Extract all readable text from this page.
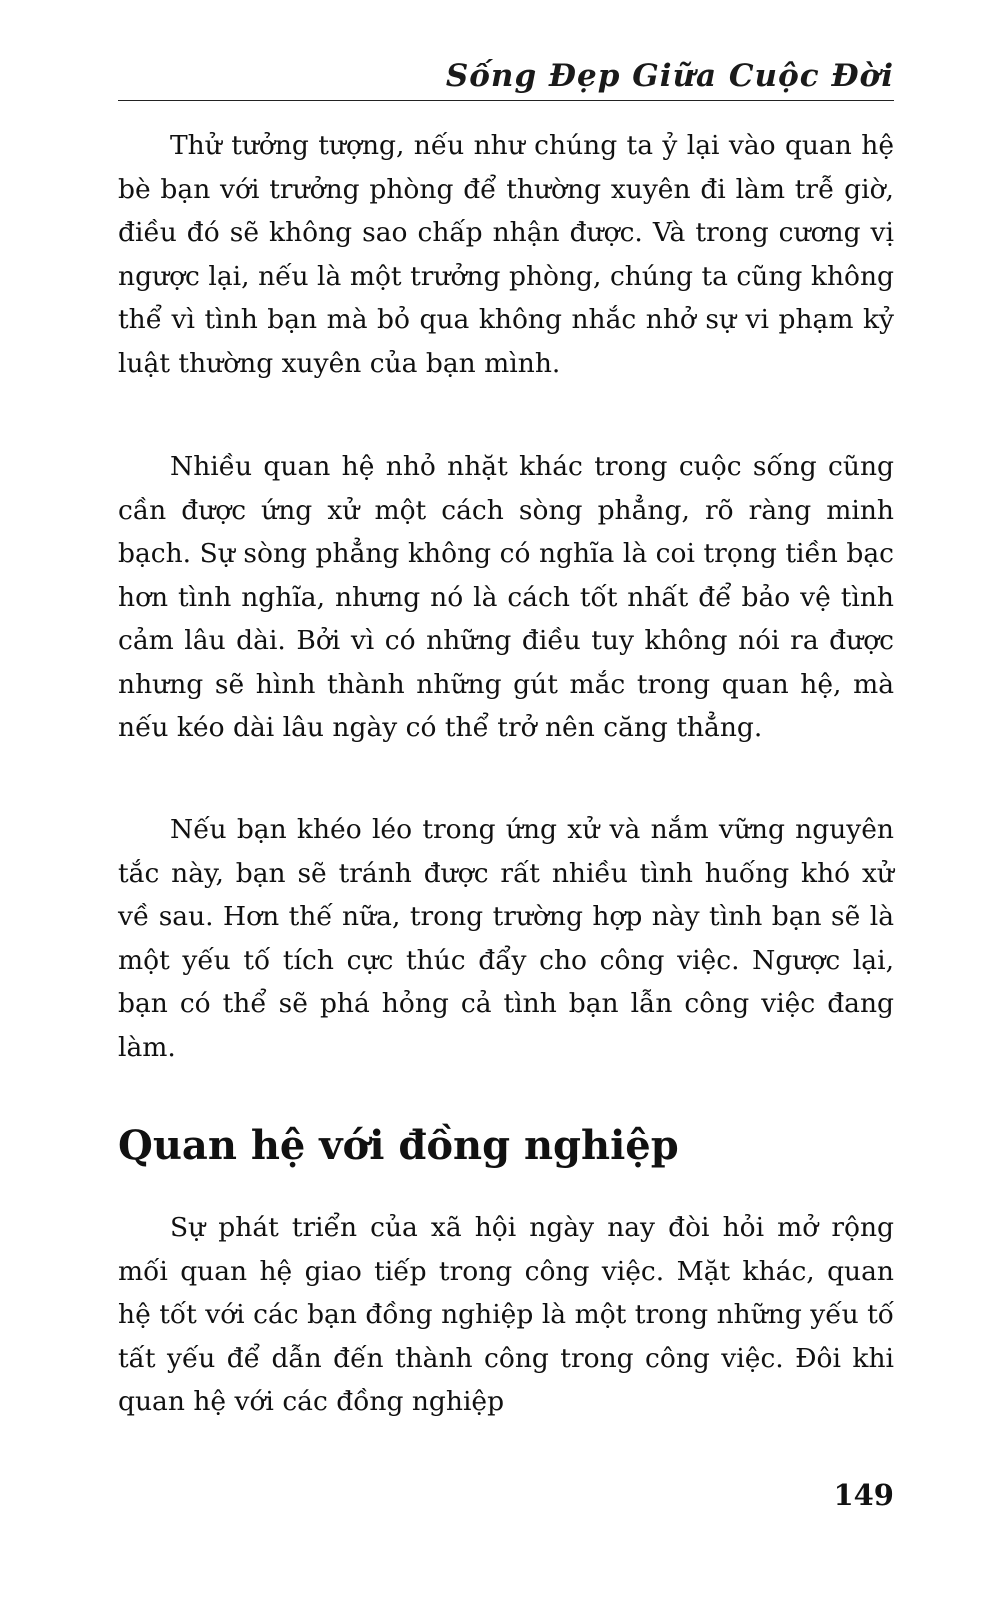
Sống Đẹp Giữa Cuộc Đời

Thử tưởng tượng, nếu như chúng ta ỷ lại vào quan hệ bè bạn với trưởng phòng để thường xuyên đi làm trễ giờ, điều đó sẽ không sao chấp nhận được. Và trong cương vị ngược lại, nếu là một trưởng phòng, chúng ta cũng không thể vì tình bạn mà bỏ qua không nhắc nhở sự vi phạm kỷ luật thường xuyên của bạn mình.

Nhiều quan hệ nhỏ nhặt khác trong cuộc sống cũng cần được ứng xử một cách sòng phẳng, rõ ràng minh bạch. Sự sòng phẳng không có nghĩa là coi trọng tiền bạc hơn tình nghĩa, nhưng nó là cách tốt nhất để bảo vệ tình cảm lâu dài. Bởi vì có những điều tuy không nói ra được nhưng sẽ hình thành những gút mắc trong quan hệ, mà nếu kéo dài lâu ngày có thể trở nên căng thẳng.

Nếu bạn khéo léo trong ứng xử và nắm vững nguyên tắc này, bạn sẽ tránh được rất nhiều tình huống khó xử về sau. Hơn thế nữa, trong trường hợp này tình bạn sẽ là một yếu tố tích cực thúc đẩy cho công việc. Ngược lại, bạn có thể sẽ phá hỏng cả tình bạn lẫn công việc đang làm.

Quan hệ với đồng nghiệp

Sự phát triển của xã hội ngày nay đòi hỏi mở rộng mối quan hệ giao tiếp trong công việc. Mặt khác, quan hệ tốt với các bạn đồng nghiệp là một trong những yếu tố tất yếu để dẫn đến thành công trong công việc. Đôi khi quan hệ với các đồng nghiệp

149
